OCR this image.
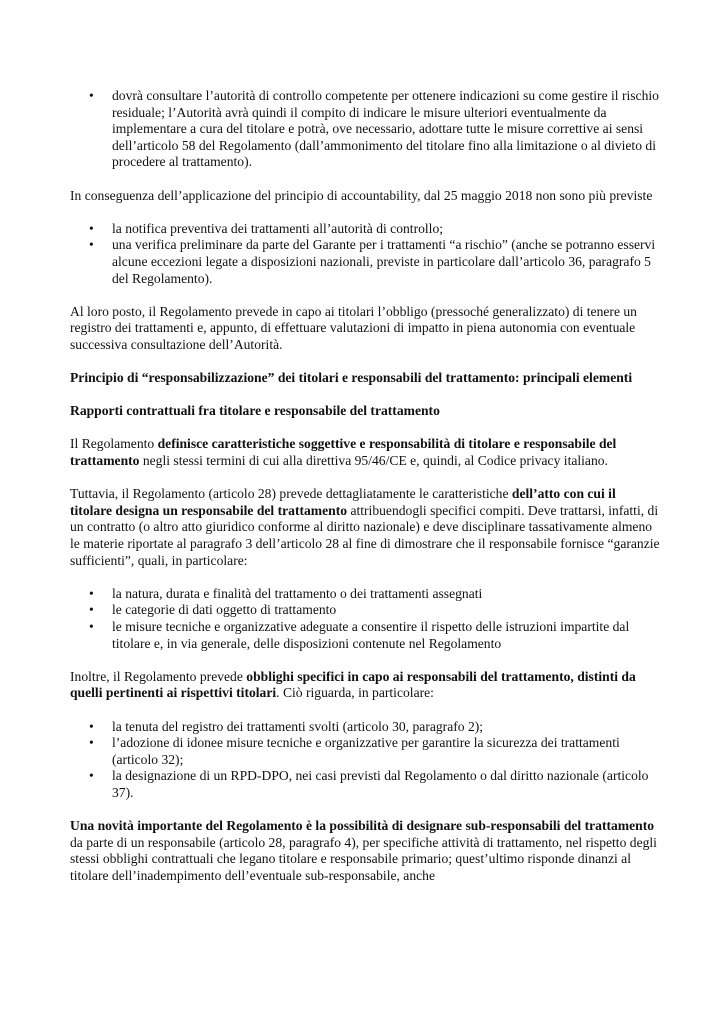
•	dovrà consultare l’autorità di controllo competente per ottenere indicazioni su come gestire il rischio residuale; l’Autorità avrà quindi il compito di indicare le misure ulteriori eventualmente da implementare a cura del titolare e potrà, ove necessario, adottare tutte le misure correttive ai sensi dell’articolo 58 del Regolamento (dall’ammonimento del titolare fino alla limitazione o al divieto di procedere al trattamento).

In conseguenza dell’applicazione del principio di accountability, dal 25 maggio 2018 non sono più previste

•	la notifica preventiva dei trattamenti all’autorità di controllo;
•	una verifica preliminare da parte del Garante per i trattamenti “a rischio” (anche se potranno esservi alcune eccezioni legate a disposizioni nazionali, previste in particolare dall’articolo 36, paragrafo 5 del Regolamento).

Al loro posto, il Regolamento prevede in capo ai titolari l’obbligo (pressoché generalizzato) di tenere un registro dei trattamenti e, appunto, di effettuare valutazioni di impatto in piena autonomia con eventuale successiva consultazione dell’Autorità.

Principio di “responsabilizzazione” dei titolari e responsabili del trattamento: principali elementi

Rapporti contrattuali fra titolare e responsabile del trattamento

Il Regolamento definisce caratteristiche soggettive e responsabilità di titolare e responsabile del trattamento negli stessi termini di cui alla direttiva 95/46/CE e, quindi, al Codice privacy italiano.

Tuttavia, il Regolamento (articolo 28) prevede dettagliatamente le caratteristiche dell’atto con cui il titolare designa un responsabile del trattamento attribuendogli specifici compiti. Deve trattarsi, infatti, di un contratto (o altro atto giuridico conforme al diritto nazionale) e deve disciplinare tassativamente almeno le materie riportate al paragrafo 3 dell’articolo 28 al fine di dimostrare che il responsabile fornisce “garanzie sufficienti”, quali, in particolare:

•	la natura, durata e finalità del trattamento o dei trattamenti assegnati
•	le categorie di dati oggetto di trattamento
•	le misure tecniche e organizzative adeguate a consentire il rispetto delle istruzioni impartite dal titolare e, in via generale, delle disposizioni contenute nel Regolamento

Inoltre, il Regolamento prevede obblighi specifici in capo ai responsabili del trattamento, distinti da quelli pertinenti ai rispettivi titolari. Ciò riguarda, in particolare:

•	la tenuta del registro dei trattamenti svolti (articolo 30, paragrafo 2);
•	l’adozione di idonee misure tecniche e organizzative per garantire la sicurezza dei trattamenti (articolo 32);
•	la designazione di un RPD-DPO, nei casi previsti dal Regolamento o dal diritto nazionale (articolo 37).

Una novità importante del Regolamento è la possibilità di designare sub-responsabili del trattamento da parte di un responsabile (articolo 28, paragrafo 4), per specifiche attività di trattamento, nel rispetto degli stessi obblighi contrattuali che legano titolare e responsabile primario; quest’ultimo risponde dinanzi al titolare dell’inadempimento dell’eventuale sub-responsabile, anche
